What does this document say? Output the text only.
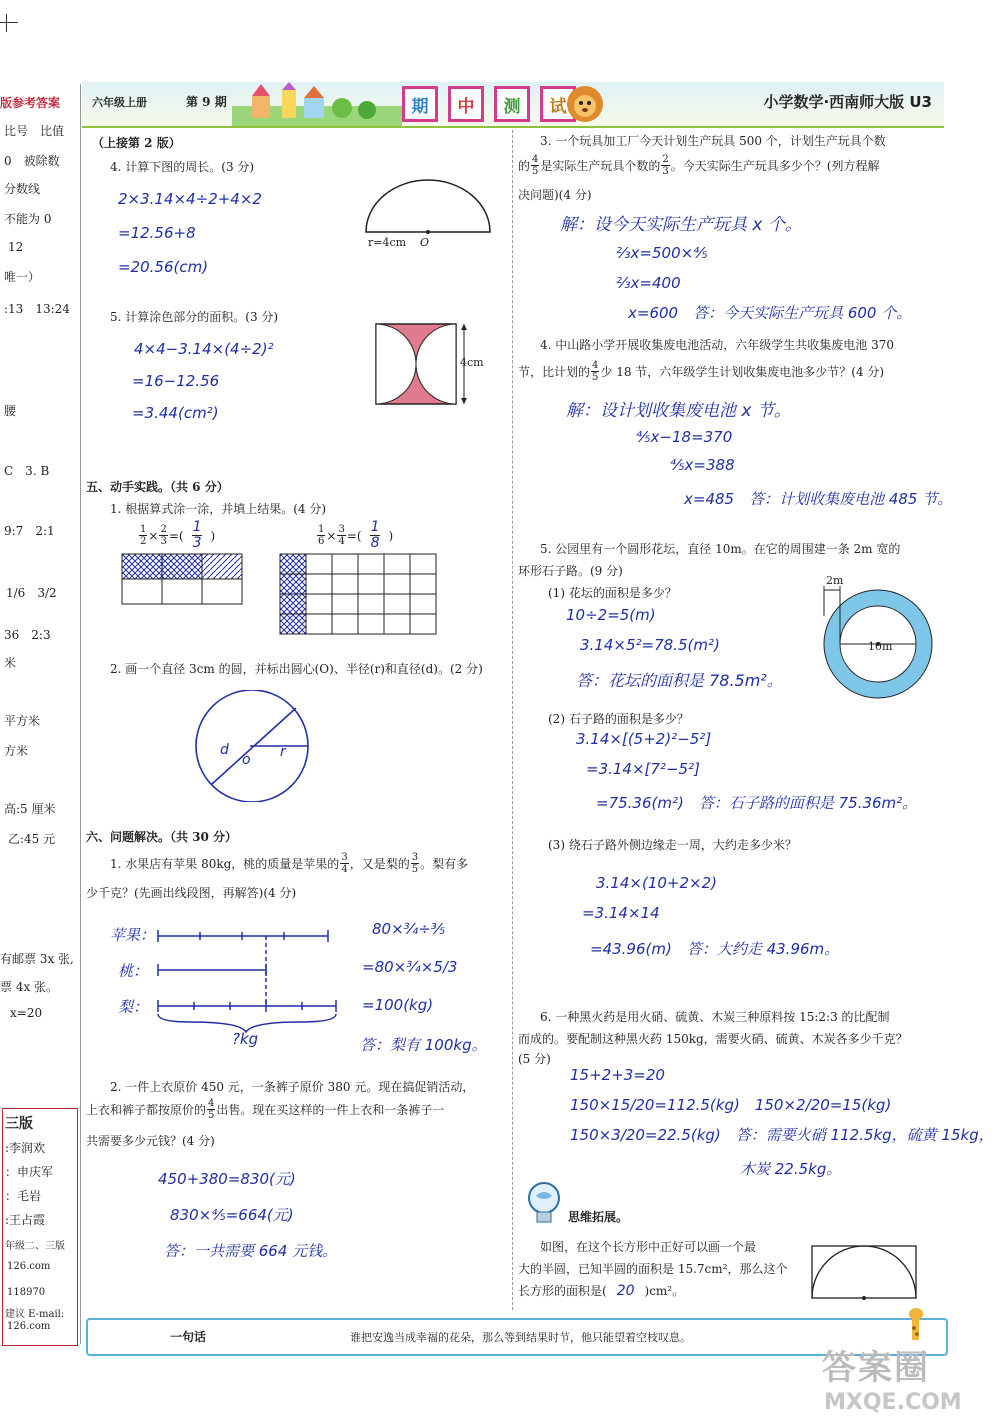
六年级上册	第 9 期	期	中	测	试	小学数学·西南师大版 U3
版参考答案
比号　比值
0　被除数
分数线
不能为 0
12
唯一）
:13　13:24
腰
C　3. B
9:7　2:1
1/6　3/2
36　2:3
米
平方米
方米
高:5 厘米
乙:45 元
有邮票 3x 张,
票 4x 张。
x=20
三版
:李润欢
：申庆军
：毛岩
:王占霞
年级二、三版
126.com
118970
建议 E-mail:
126.com
（上接第 2 版）
4. 计算下图的周长。(3 分)
2×3.14×4÷2+4×2
=12.56+8
=20.56(cm)
r=4cm O
5. 计算涂色部分的面积。(3 分)
4×4−3.14×(4÷2)²
=16−12.56
=3.44(cm²)
4cm
五、动手实践。（共 6 分）
1. 根据算式涂一涂，并填上结果。(4 分)
$\frac{1}{2} \times \frac{2}{3}$ =( $\frac{1}{3}$ )	$\frac{1}{6} \times \frac{3}{4}$ =( $\frac{1}{8}$ )
2. 画一个直径 3cm 的圆，并标出圆心(O)、半径(r)和直径(d)。(2 分)
d
o r
六、问题解决。（共 30 分）
1. 水果店有苹果 80kg，桃的质量是苹果的 $\frac{3}{4}$ ，又是梨的 $\frac{3}{5}$ 。梨有多
少千克？(先画出线段图，再解答)(4 分)
苹果：
桃：
梨：
?kg
80×¾÷⅗
=80×¾×5/3
=100(kg)
答：梨有 100kg。
2. 一件上衣原价 450 元，一条裤子原价 380 元。现在搞促销活动，
上衣和裤子都按原价的 $\frac{4}{5}$ 出售。现在买这样的一件上衣和一条裤子一
共需要多少元钱？(4 分)
450+380=830(元)
830×⅘=664(元)
答：一共需要 664 元钱。
3. 一个玩具加工厂今天计划生产玩具 500 个，计划生产玩具个数
的 $\frac{4}{5}$ 是实际生产玩具个数的 $\frac{2}{3}$ 。今天实际生产玩具多少个？(列方程解
决问题)(4 分)
解：设今天实际生产玩具 x 个。
⅔x=500×⅘
⅔x=400
x=600　答：今天实际生产玩具 600 个。
4. 中山路小学开展收集废电池活动，六年级学生共收集废电池 370
节，比计划的 $\frac{4}{5}$ 少 18 节，六年级学生计划收集废电池多少节？(4 分)
解：设计划收集废电池 x 节。
⅘x−18=370
⅘x=388
x=485　答：计划收集废电池 485 节。
5. 公园里有一个圆形花坛，直径 10m。在它的周围建一条 2m 宽的
环形石子路。(9 分)
2m
10m
(1) 花坛的面积是多少？
10÷2=5(m)
3.14×5²=78.5(m²)
答：花坛的面积是 78.5m²。
(2) 石子路的面积是多少？
3.14×[(5+2)²−5²]
=3.14×[7²−5²]
=75.36(m²)　答：石子路的面积是 75.36m²。
(3) 绕石子路外侧边缘走一周，大约走多少米？
3.14×(10+2×2)
=3.14×14
=43.96(m)　答：大约走 43.96m。
6. 一种黑火药是用火硝、硫黄、木炭三种原料按 15:2:3 的比配制
而成的。要配制这种黑火药 150kg，需要火硝、硫黄、木炭各多少千克？
(5 分)
15+2+3=20
150×15/20=112.5(kg)　150×2/20=15(kg)
150×3/20=22.5(kg)　答：需要火硝 112.5kg，硫黄 15kg，
木炭 22.5kg。
思维拓展。
如图，在这个长方形中正好可以画一个最
大的半圆，已知半圆的面积是 15.7cm²，那么这个
长方形的面积是( 20 )cm²。
一句话	谁把安逸当成幸福的花朵，那么等到结果时节，他只能望着空枝叹息。
答案圈
MXQE.COM
